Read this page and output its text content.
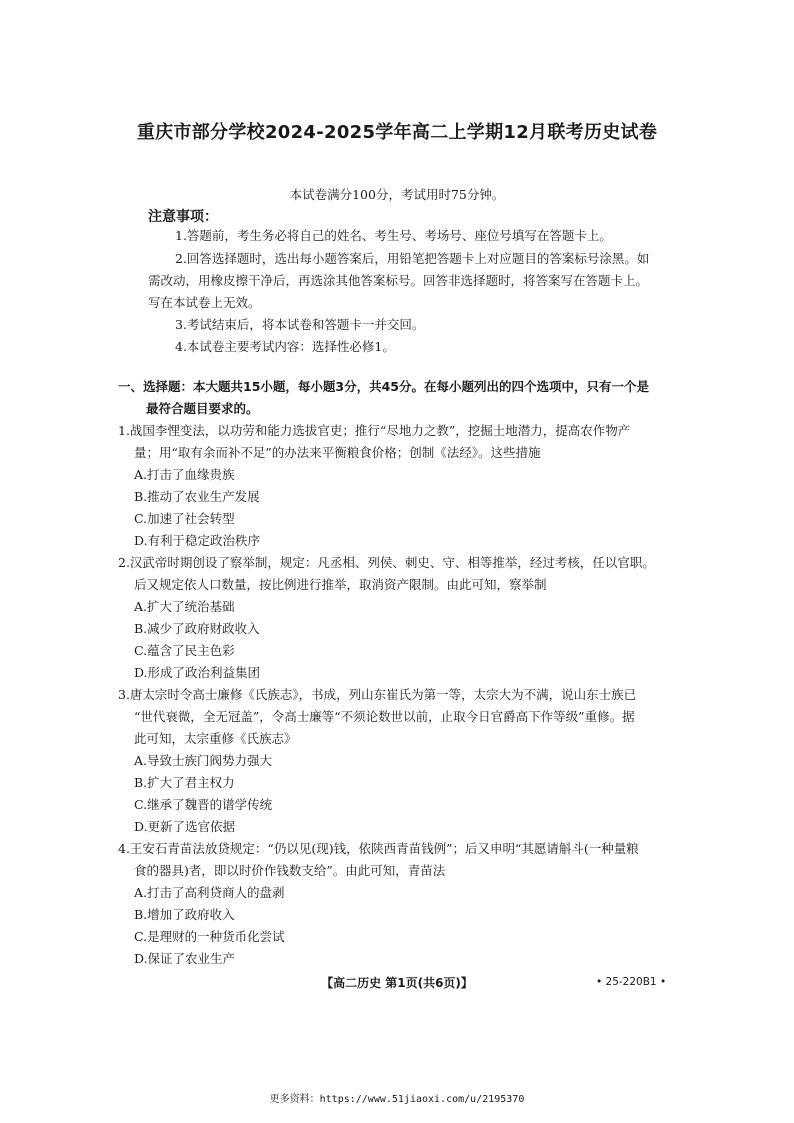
重庆市部分学校2024-2025学年高二上学期12月联考历史试卷
本试卷满分100分，考试用时75分钟。
注意事项：
1.答题前，考生务必将自己的姓名、考生号、考场号、座位号填写在答题卡上。
2.回答选择题时，选出每小题答案后，用铅笔把答题卡上对应题目的答案标号涂黑。如
需改动，用橡皮擦干净后，再选涂其他答案标号。回答非选择题时，将答案写在答题卡上。
写在本试卷上无效。
3.考试结束后，将本试卷和答题卡一并交回。
4.本试卷主要考试内容：选择性必修1。
一、选择题：本大题共15小题，每小题3分，共45分。在每小题列出的四个选项中，只有一个是
最符合题目要求的。
1.战国李悝变法，以功劳和能力选拔官吏；推行“尽地力之教”，挖掘土地潜力，提高农作物产
量；用“取有余而补不足”的办法来平衡粮食价格；创制《法经》。这些措施
A.打击了血缘贵族
B.推动了农业生产发展
C.加速了社会转型
D.有利于稳定政治秩序
2.汉武帝时期创设了察举制，规定：凡丞相、列侯、刺史、守、相等推举，经过考核，任以官职。
后又规定依人口数量，按比例进行推举，取消资产限制。由此可知，察举制
A.扩大了统治基础
B.减少了政府财政收入
C.蕴含了民主色彩
D.形成了政治利益集团
3.唐太宗时令高士廉修《氏族志》，书成，列山东崔氏为第一等，太宗大为不满，说山东士族已
“世代衰微，全无冠盖”，令高士廉等“不须论数世以前，止取今日官爵高下作等级”重修。据
此可知，太宗重修《氏族志》
A.导致士族门阀势力强大
B.扩大了君主权力
C.继承了魏晋的谱学传统
D.更新了选官依据
4.王安石青苗法放贷规定：“仍以见(现)钱，依陕西青苗钱例”；后又申明“其愿请斛斗(一种量粮
食的器具)者，即以时价作钱数支给”。由此可知，青苗法
A.打击了高利贷商人的盘剥
B.增加了政府收入
C.是理财的一种货币化尝试
D.保证了农业生产
【高二历史 第1页(共6页)】	• 25-220B1 •
更多资料：https://www.51jiaoxi.com/u/2195370
